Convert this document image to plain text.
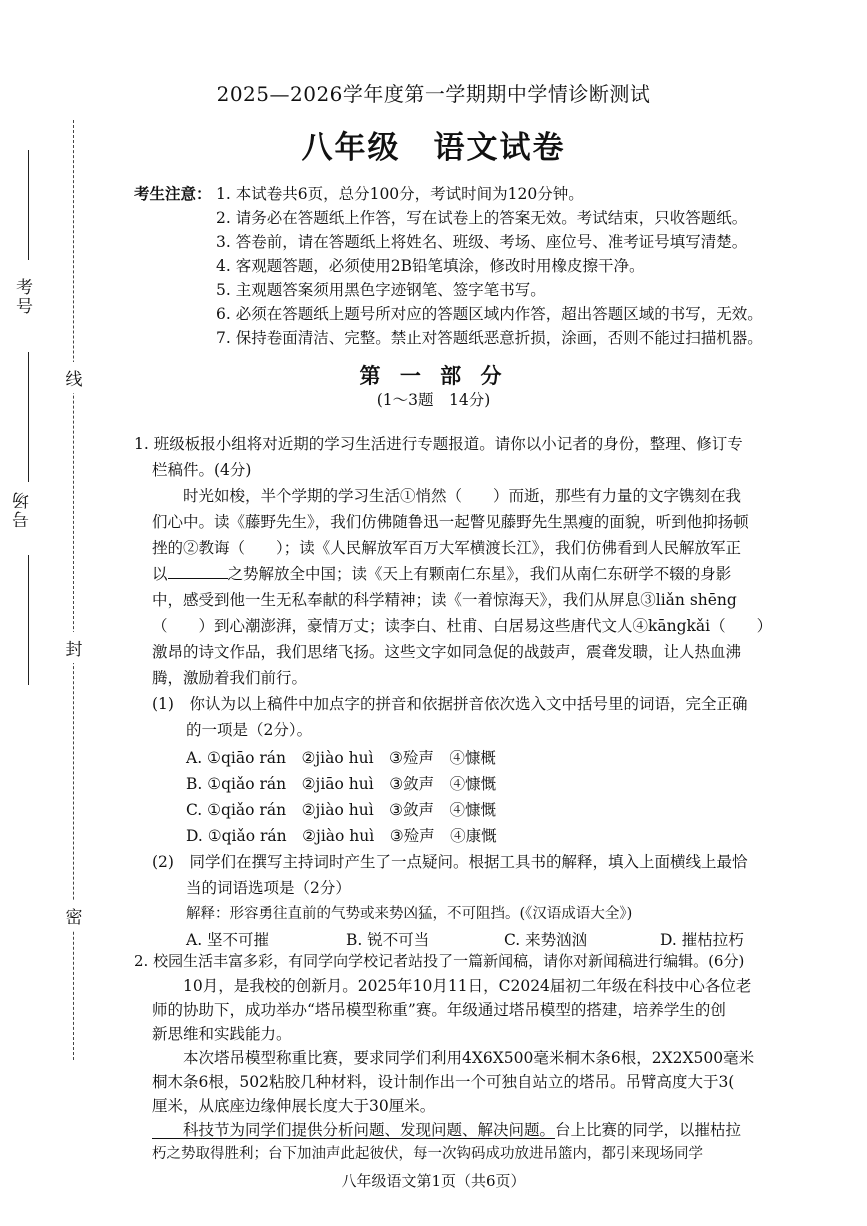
考号
号场
线
封
密
2025—2026学年度第一学期期中学情诊断测试
八年级　语文试卷
考生注意： 1. 本试卷共6页，总分100分，考试时间为120分钟。
2. 请务必在答题纸上作答，写在试卷上的答案无效。考试结束，只收答题纸。
3. 答卷前，请在答题纸上将姓名、班级、考场、座位号、准考证号填写清楚。
4. 客观题答题，必须使用2B铅笔填涂，修改时用橡皮擦干净。
5. 主观题答案须用黑色字迹钢笔、签字笔书写。
6. 必须在答题纸上题号所对应的答题区域内作答，超出答题区域的书写，无效。
7. 保持卷面清洁、完整。禁止对答题纸恶意折损，涂画，否则不能过扫描机器。
第 一 部 分
(1～3题　14分)
1. 班级板报小组将对近期的学习生活进行专题报道。请你以小记者的身份，整理、修订专
栏稿件。(4分)
　　时光如梭，半个学期的学习生活①悄然（　　）而逝，那些有力量的文字镌刻在我
们心中。读《藤野先生》，我们仿佛随鲁迅一起瞥见藤野先生黑瘦的面貌，听到他抑扬顿
挫的②教诲（　　）；读《人民解放军百万大军横渡长江》，我们仿佛看到人民解放军正
以	之势解放全中国；读《天上有颗南仁东星》，我们从南仁东研学不辍的身影
中，感受到他一生无私奉献的科学精神；读《一着惊海天》，我们从屏息③liǎn shēng
（　　）到心潮澎湃，豪情万丈；读李白、杜甫、白居易这些唐代文人④kāngkǎi（　　）
激昂的诗文作品，我们思绪飞扬。这些文字如同急促的战鼓声，震聋发聩，让人热血沸
腾，激励着我们前行。
(1)　你认为以上稿件中加点字的拼音和依据拼音依次选入文中括号里的词语，完全正确
的一项是（2分）。
A. ①qiāo rán　②jiào huì　③殓声　④慷概
B. ①qiǎo rán　②jiāo huì　③敛声　④慷慨
C. ①qiǎo rán　②jiào huì　③敛声　④慷慨
D. ①qiǎo rán　②jiào huì　③殓声　④康慨
(2)　同学们在撰写主持词时产生了一点疑问。根据工具书的解释，填入上面横线上最恰
当的词语选项是（2分）
解释：形容勇往直前的气势或来势凶猛，不可阻挡。(《汉语成语大全》)
A. 坚不可摧	B. 锐不可当	C. 来势汹汹	D. 摧枯拉朽
2. 校园生活丰富多彩，有同学向学校记者站投了一篇新闻稿，请你对新闻稿进行编辑。(6分)
　　10月，是我校的创新月。2025年10月11日，C2024届初二年级在科技中心各位老
师的协助下，成功举办“塔吊模型称重”赛。年级通过塔吊模型的搭建，培养学生的创
新思维和实践能力。
　　本次塔吊模型称重比赛，要求同学们利用4X6X500毫米桐木条6根，2X2X500毫米
桐木条6根，502粘胶几种材料，设计制作出一个可独自站立的塔吊。吊臂高度大于3(
厘米，从底座边缘伸展长度大于30厘米。
八年级语文第1页（共6页）
　　科技节为同学们提供分析问题、发现问题、解决问题。台上比赛的同学，以摧枯拉
朽之势取得胜利；台下加油声此起彼伏，每一次钩码成功放进吊篮内，都引来现场同学
